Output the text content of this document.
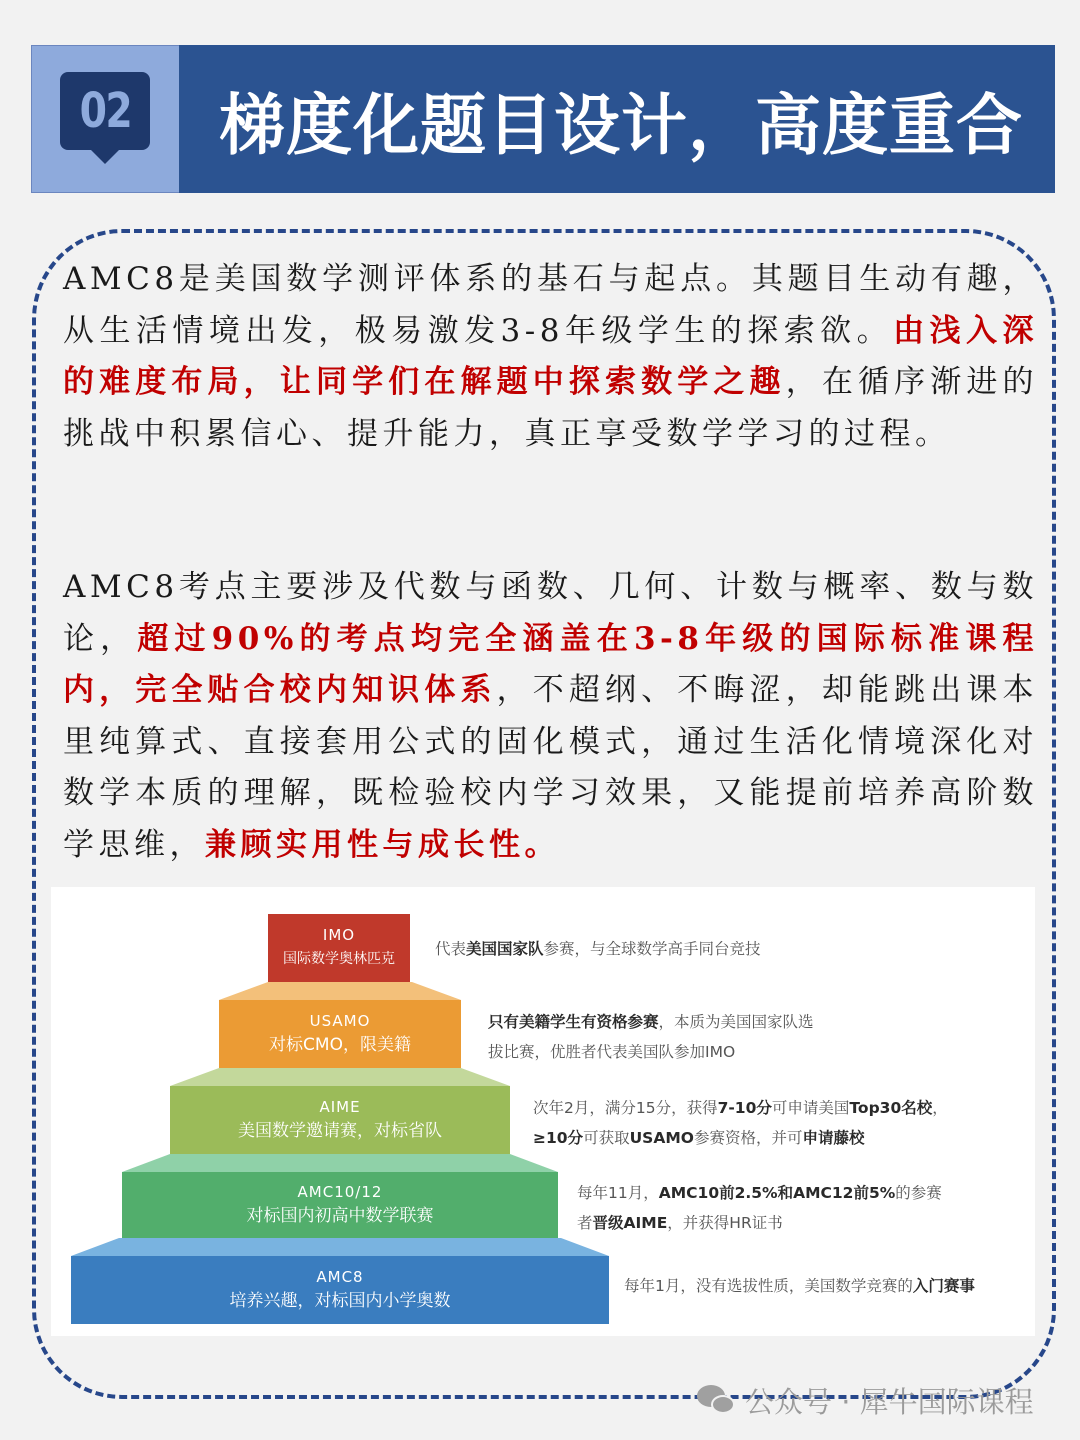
02 梯度化题目设计，高度重合

AMC8是美国数学测评体系的基石与起点。其题目生动有趣，从生活情境出发，极易激发3-8年级学生的探索欲。由浅入深的难度布局，让同学们在解题中探索数学之趣，在循序渐进的挑战中积累信心、提升能力，真正享受数学学习的过程。

AMC8考点主要涉及代数与函数、几何、计数与概率、数与数论，超过90%的考点均完全涵盖在3-8年级的国际标准课程内，完全贴合校内知识体系，不超纲、不晦涩，却能跳出课本里纯算式、直接套用公式的固化模式，通过生活化情境深化对数学本质的理解，既检验校内学习效果，又能提前培养高阶数学思维，兼顾实用性与成长性。

IMO
国际数学奥林匹克
代表美国国家队参赛，与全球数学高手同台竞技
USAMO
对标CMO，限美籍
只有美籍学生有资格参赛，本质为美国国家队选
拔比赛，优胜者代表美国队参加IMO
AIME
美国数学邀请赛，对标省队
次年2月，满分15分，获得7-10分可申请美国Top30名校，
≥10分可获取USAMO参赛资格，并可申请藤校
AMC10/12
对标国内初高中数学联赛
每年11月，AMC10前2.5%和AMC12前5%的参赛
者晋级AIME，并获得HR证书
AMC8
培养兴趣，对标国内小学奥数
每年1月，没有选拔性质，美国数学竞赛的入门赛事
公众号 · 犀牛国际课程
